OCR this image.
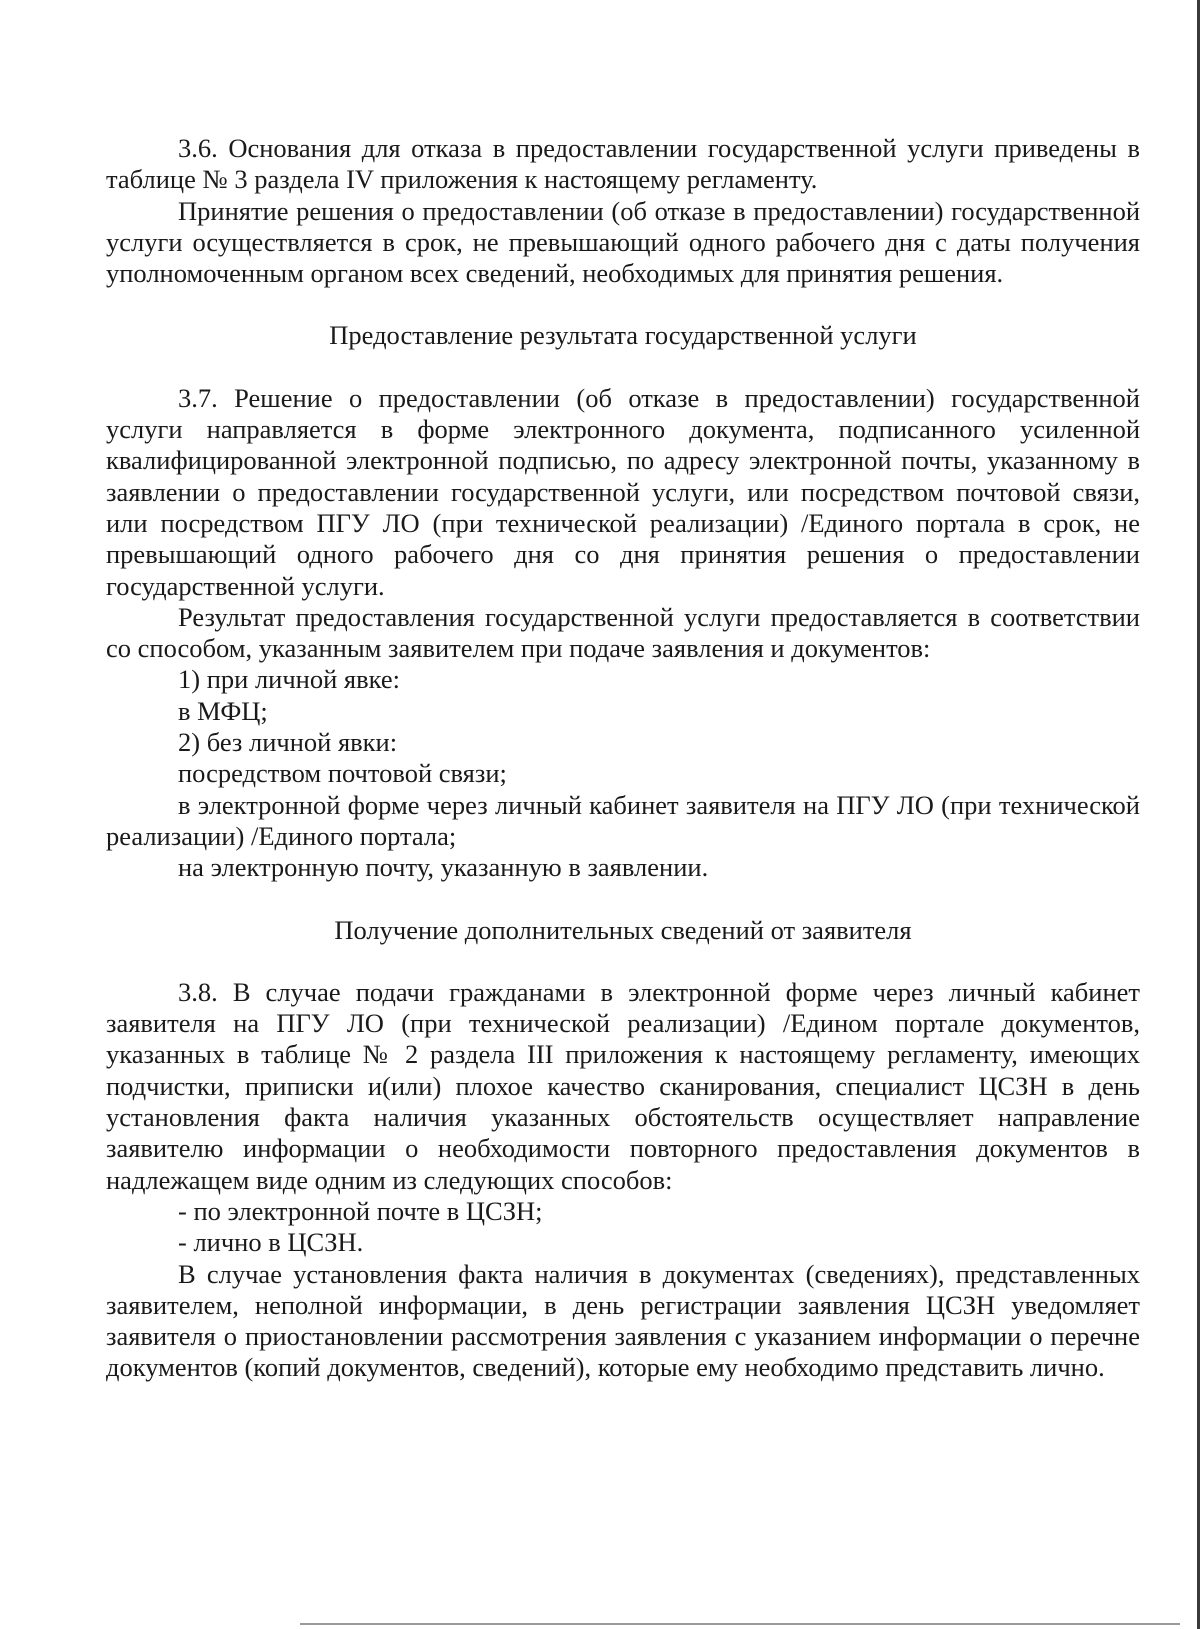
3.6. Основания для отказа в предоставлении государственной услуги приведены в таблице № 3 раздела IV приложения к настоящему регламенту.

Принятие решения о предоставлении (об отказе в предоставлении) государственной услуги осуществляется в срок, не превышающий одного рабочего дня с даты получения уполномоченным органом всех сведений, необходимых для принятия решения.

Предоставление результата государственной услуги

3.7. Решение о предоставлении (об отказе в предоставлении) государственной услуги направляется в форме электронного документа, подписанного усиленной квалифицированной электронной подписью, по адресу электронной почты, указанному в заявлении о предоставлении государственной услуги, или посредством почтовой связи, или посредством ПГУ ЛО (при технической реализации) /Единого портала в срок, не превышающий одного рабочего дня со дня принятия решения о предоставлении государственной услуги.

Результат предоставления государственной услуги предоставляется в соответствии со способом, указанным заявителем при подаче заявления и документов:

1) при личной явке:

в МФЦ;

2) без личной явки:

посредством почтовой связи;

в электронной форме через личный кабинет заявителя на ПГУ ЛО (при технической реализации) /Единого портала;

на электронную почту, указанную в заявлении.

Получение дополнительных сведений от заявителя

3.8. В случае подачи гражданами в электронной форме через личный кабинет заявителя на ПГУ ЛО (при технической реализации) /Едином портале документов, указанных в таблице № 2 раздела III приложения к настоящему регламенту, имеющих подчистки, приписки и(или) плохое качество сканирования, специалист ЦСЗН в день установления факта наличия указанных обстоятельств осуществляет направление заявителю информации о необходимости повторного предоставления документов в надлежащем виде одним из следующих способов:

- по электронной почте в ЦСЗН;

- лично в ЦСЗН.

В случае установления факта наличия в документах (сведениях), представленных заявителем, неполной информации, в день регистрации заявления ЦСЗН уведомляет заявителя о приостановлении рассмотрения заявления с указанием информации о перечне документов (копий документов, сведений), которые ему необходимо представить лично.
